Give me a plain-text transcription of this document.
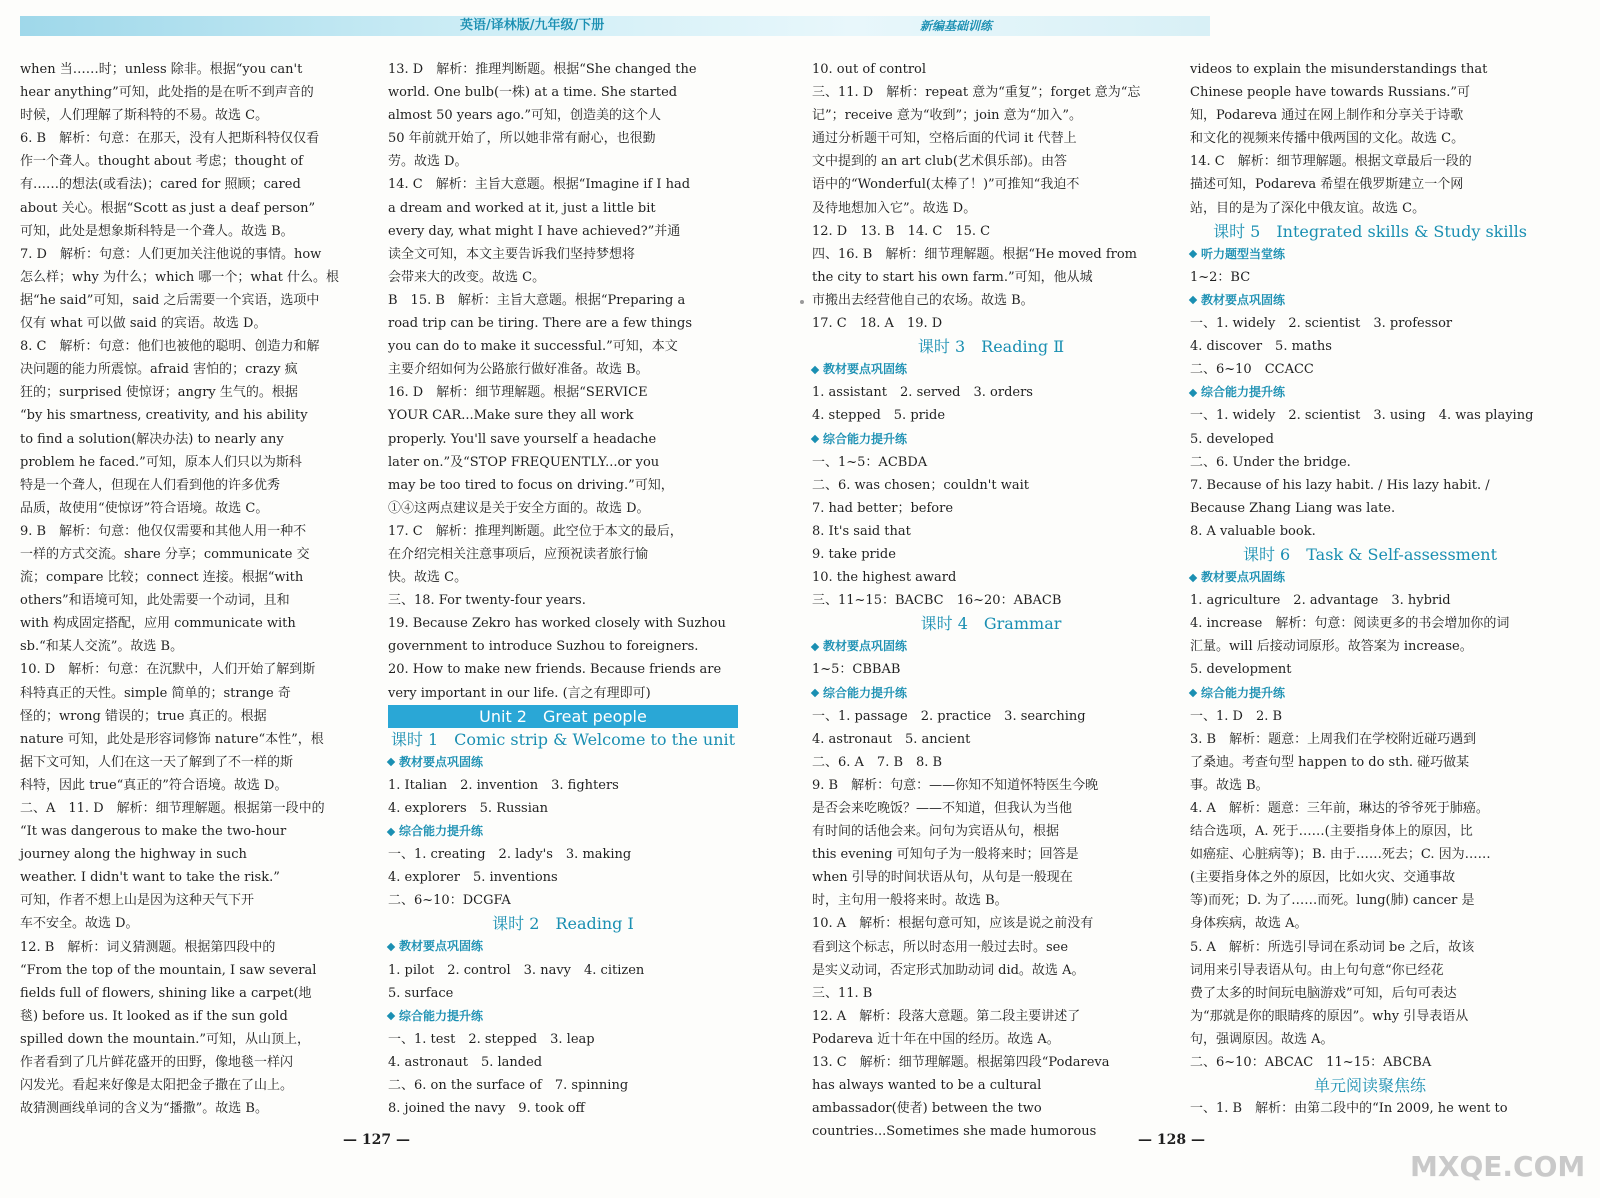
英语/译林版/九年级/下册	新编基础训练

when 当……时；unless 除非。根据“you can't

hear anything”可知，此处指的是在听不到声音的

时候，人们理解了斯科特的不易。故选 C。

6. B　解析：句意：在那天，没有人把斯科特仅仅看

作一个聋人。thought about 考虑；thought of

有……的想法(或看法)；cared for 照顾；cared

about 关心。根据“Scott as just a deaf person”

可知，此处是想象斯科特是一个聋人。故选 B。

7. D　解析：句意：人们更加关注他说的事情。how

怎么样；why 为什么；which 哪一个；what 什么。根

据“he said”可知，said 之后需要一个宾语，选项中

仅有 what 可以做 said 的宾语。故选 D。

8. C　解析：句意：他们也被他的聪明、创造力和解

决问题的能力所震惊。afraid 害怕的；crazy 疯

狂的；surprised 使惊讶；angry 生气的。根据

“by his smartness, creativity, and his ability

to find a solution(解决办法) to nearly any

problem he faced.”可知，原本人们只以为斯科

特是一个聋人，但现在人们看到他的许多优秀

品质，故使用“使惊讶”符合语境。故选 C。

9. B　解析：句意：他仅仅需要和其他人用一种不

一样的方式交流。share 分享；communicate 交

流；compare 比较；connect 连接。根据“with

others”和语境可知，此处需要一个动词，且和

with 构成固定搭配，应用 communicate with

sb.“和某人交流”。故选 B。

10. D　解析：句意：在沉默中，人们开始了解到斯

科特真正的天性。simple 简单的；strange 奇

怪的；wrong 错误的；true 真正的。根据

nature 可知，此处是形容词修饰 nature“本性”，根

据下文可知，人们在这一天了解到了不一样的斯

科特，因此 true“真正的”符合语境。故选 D。

二、A　11. D　解析：细节理解题。根据第一段中的

“It was dangerous to make the two-hour

journey along the highway in such

weather. I didn't want to take the risk.”

可知，作者不想上山是因为这种天气下开

车不安全。故选 D。

12. B　解析：词义猜测题。根据第四段中的

“From the top of the mountain, I saw several

fields full of flowers, shining like a carpet(地

毯) before us. It looked as if the sun gold

spilled down the mountain.”可知，从山顶上，

作者看到了几片鲜花盛开的田野，像地毯一样闪

闪发光。看起来好像是太阳把金子撒在了山上。

故猜测画线单词的含义为“播撒”。故选 B。

13. D　解析：推理判断题。根据“She changed the

world. One bulb(一株) at a time. She started

almost 50 years ago.”可知，创造美的这个人

50 年前就开始了，所以她非常有耐心，也很勤

劳。故选 D。

14. C　解析：主旨大意题。根据“Imagine if I had

a dream and worked at it, just a little bit

every day, what might I have achieved?”并通

读全文可知，本文主要告诉我们坚持梦想将

会带来大的改变。故选 C。

B　15. B　解析：主旨大意题。根据“Preparing a

road trip can be tiring. There are a few things

you can do to make it successful.”可知，本文

主要介绍如何为公路旅行做好准备。故选 B。

16. D　解析：细节理解题。根据“SERVICE

YOUR CAR...Make sure they all work

properly. You'll save yourself a headache

later on.”及“STOP FREQUENTLY...or you

may be too tired to focus on driving.”可知，

①④这两点建议是关于安全方面的。故选 D。

17. C　解析：推理判断题。此空位于本文的最后，

在介绍完相关注意事项后，应预祝读者旅行愉

快。故选 C。

三、18. For twenty-four years.

19. Because Zekro has worked closely with Suzhou

government to introduce Suzhou to foreigners.

20. How to make new friends. Because friends are

very important in our life. (言之有理即可)

Unit 2　Great people

课时 1　Comic strip & Welcome to the unit

教材要点巩固练

1. Italian　2. invention　3. fighters

4. explorers　5. Russian

综合能力提升练

一、1. creating　2. lady's　3. making

4. explorer　5. inventions

二、6~10：DCGFA

课时 2　Reading Ⅰ

教材要点巩固练

1. pilot　2. control　3. navy　4. citizen

5. surface

综合能力提升练

一、1. test　2. stepped　3. leap

4. astronaut　5. landed

二、6. on the surface of　7. spinning

8. joined the navy　9. took off

10. out of control

三、11. D　解析：repeat 意为“重复”；forget 意为“忘

记”；receive 意为“收到”；join 意为“加入”。

通过分析题干可知，空格后面的代词 it 代替上

文中提到的 an art club(艺术俱乐部)。由答

语中的“Wonderful(太棒了！)”可推知“我迫不

及待地想加入它”。故选 D。

12. D　13. B　14. C　15. C

四、16. B　解析：细节理解题。根据“He moved from

the city to start his own farm.”可知，他从城

市搬出去经营他自己的农场。故选 B。

17. C　18. A　19. D

课时 3　Reading Ⅱ

教材要点巩固练

1. assistant　2. served　3. orders

4. stepped　5. pride

综合能力提升练

一、1~5：ACBDA

二、6. was chosen；couldn't wait

7. had better；before

8. It's said that

9. take pride

10. the highest award

三、11~15：BACBC　16~20：ABACB

课时 4　Grammar

教材要点巩固练

1~5：CBBAB

综合能力提升练

一、1. passage　2. practice　3. searching

4. astronaut　5. ancient

二、6. A　7. B　8. B

9. B　解析：句意：——你知不知道怀特医生今晚

是否会来吃晚饭？——不知道，但我认为当他

有时间的话他会来。问句为宾语从句，根据

this evening 可知句子为一般将来时；回答是

when 引导的时间状语从句，从句是一般现在

时，主句用一般将来时。故选 B。

10. A　解析：根据句意可知，应该是说之前没有

看到这个标志，所以时态用一般过去时。see

是实义动词，否定形式加助动词 did。故选 A。

三、11. B

12. A　解析：段落大意题。第二段主要讲述了

Podareva 近十年在中国的经历。故选 A。

13. C　解析：细节理解题。根据第四段“Podareva

has always wanted to be a cultural

ambassador(使者) between the two

countries...Sometimes she made humorous

videos to explain the misunderstandings that

Chinese people have towards Russians.”可

知，Podareva 通过在网上制作和分享关于诗歌

和文化的视频来传播中俄两国的文化。故选 C。

14. C　解析：细节理解题。根据文章最后一段的

描述可知，Podareva 希望在俄罗斯建立一个网

站，目的是为了深化中俄友谊。故选 C。

课时 5　Integrated skills & Study skills

听力题型当堂练

1~2：BC

教材要点巩固练

一、1. widely　2. scientist　3. professor

4. discover　5. maths

二、6~10　CCACC

综合能力提升练

一、1. widely　2. scientist　3. using　4. was playing

5. developed

二、6. Under the bridge.

7. Because of his lazy habit. / His lazy habit. /

Because Zhang Liang was late.

8. A valuable book.

课时 6　Task & Self-assessment

教材要点巩固练

1. agriculture　2. advantage　3. hybrid

4. increase　解析：句意：阅读更多的书会增加你的词

汇量。will 后接动词原形。故答案为 increase。

5. development

综合能力提升练

一、1. D　2. B

3. B　解析：题意：上周我们在学校附近碰巧遇到

了桑迪。考查句型 happen to do sth. 碰巧做某

事。故选 B。

4. A　解析：题意：三年前，琳达的爷爷死于肺癌。

结合选项，A. 死于……(主要指身体上的原因，比

如癌症、心脏病等)；B. 由于……死去；C. 因为……

(主要指身体之外的原因，比如火灾、交通事故

等)而死；D. 为了……而死。lung(肺) cancer 是

身体疾病，故选 A。

5. A　解析：所选引导词在系动词 be 之后，故该

词用来引导表语从句。由上句句意“你已经花

费了太多的时间玩电脑游戏”可知，后句可表达

为“那就是你的眼睛疼的原因”。why 引导表语从

句，强调原因。故选 A。

二、6~10：ABCAC　11~15：ABCBA

单元阅读聚焦练

一、1. B　解析：由第二段中的“In 2009, he went to

— 127 —	— 128 —
MXQE.COM
